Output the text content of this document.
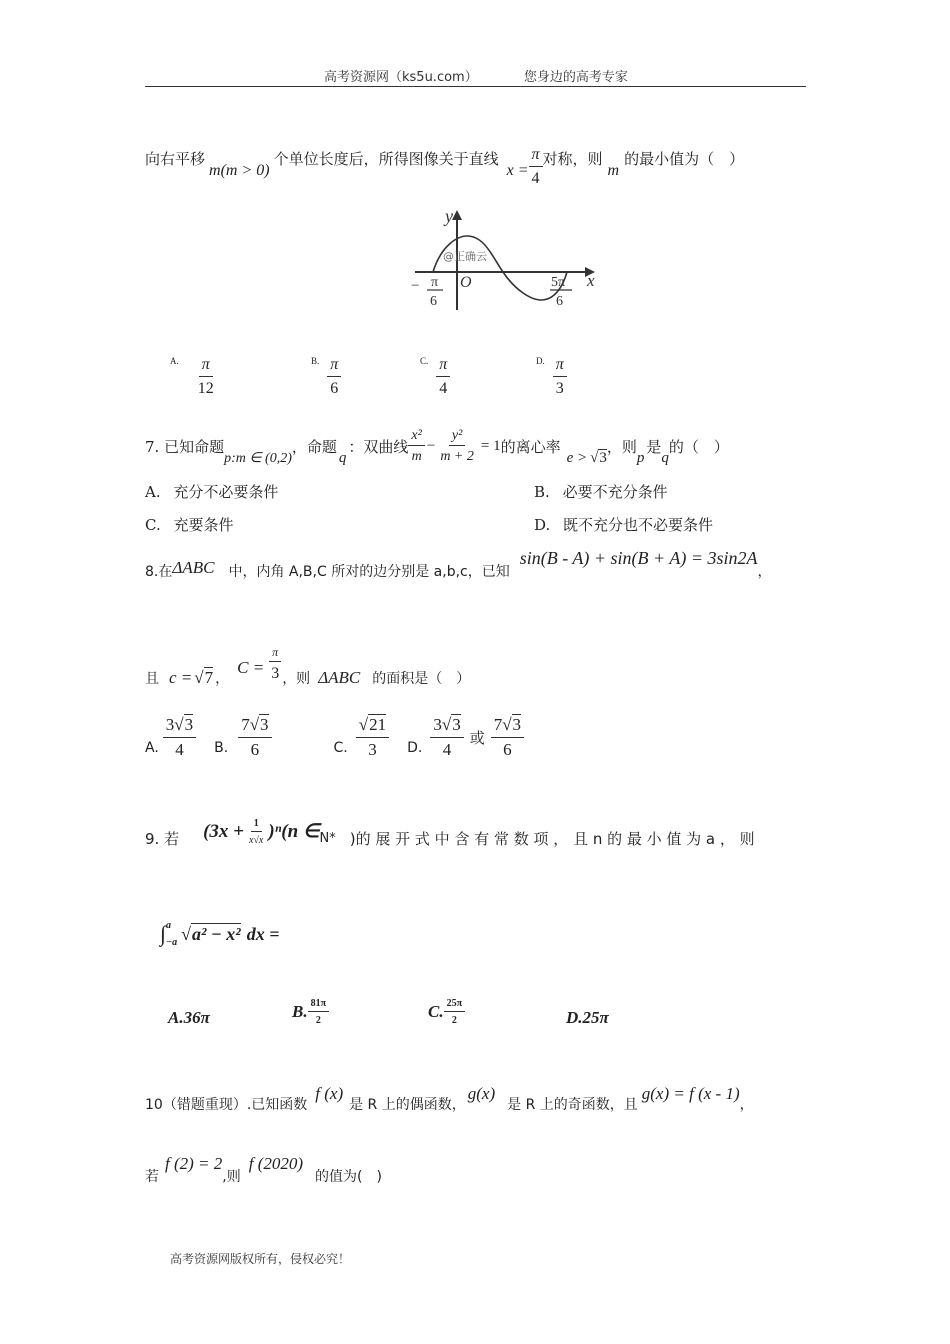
高考资源网（ks5u.com）	您身边的高考专家
向右平移
m(m > 0)
个单位长度后，所得图像关于直线
$x = \frac{\pi}{4}$ 对称，则
m
的最小值为（　）
y
x
O
@正确云
− π
6
5π
6
A. $\frac{\pi}{12}$	B. $\frac{\pi}{6}$	C. $\frac{\pi}{4}$	D. $\frac{\pi}{3}$
7. 已知命题
p:m ∈ (0,2)
，命题
q
：双曲线 $\frac{\text{x²}}{m} - \frac{\text{y²}}{m + 2} = 1$ 的离心率
e > √3
，则
p
是
q
的（　）
A. 充分不必要条件	B. 必要不充分条件
C. 充要条件	D. 既不充分也不必要条件
8.在 ΔABC 中，内角 A,B,C 所对的边分别是 a,b,c，已知
sin(B - A) + sin(B + A) = 3sin2A
，
且 c = √7 ，
$C = \frac{\pi}{3}$ ，则 ΔABC 的面积是（　）
A. $\frac{3√3}{4} B$. $\frac{7√3}{6}$	C. $\frac{√21}{3} D$. $\frac{3√3}{4}$ 或 $\frac{7√3}{6}$
9. 若 $(3x + \frac{1}{x√x} )^n(n$ ∈ N* )的 展 开 式 中 含 有 常 数 项 ， 且 n 的 最 小 值 为 a ， 则
∫ a
−a √a² − x² dx =
A.36π	B. $\frac{81\pi}{2}$	C. $\frac{25\pi}{2}$	D.25π
10（错题重现）.已知函数
f (x)
是 R 上的偶函数，
g(x)
是 R 上的奇函数，且
g(x) = f (x - 1)
，
若
f (2) = 2
,则
f (2020)
的值为(　)
高考资源网版权所有，侵权必究！
